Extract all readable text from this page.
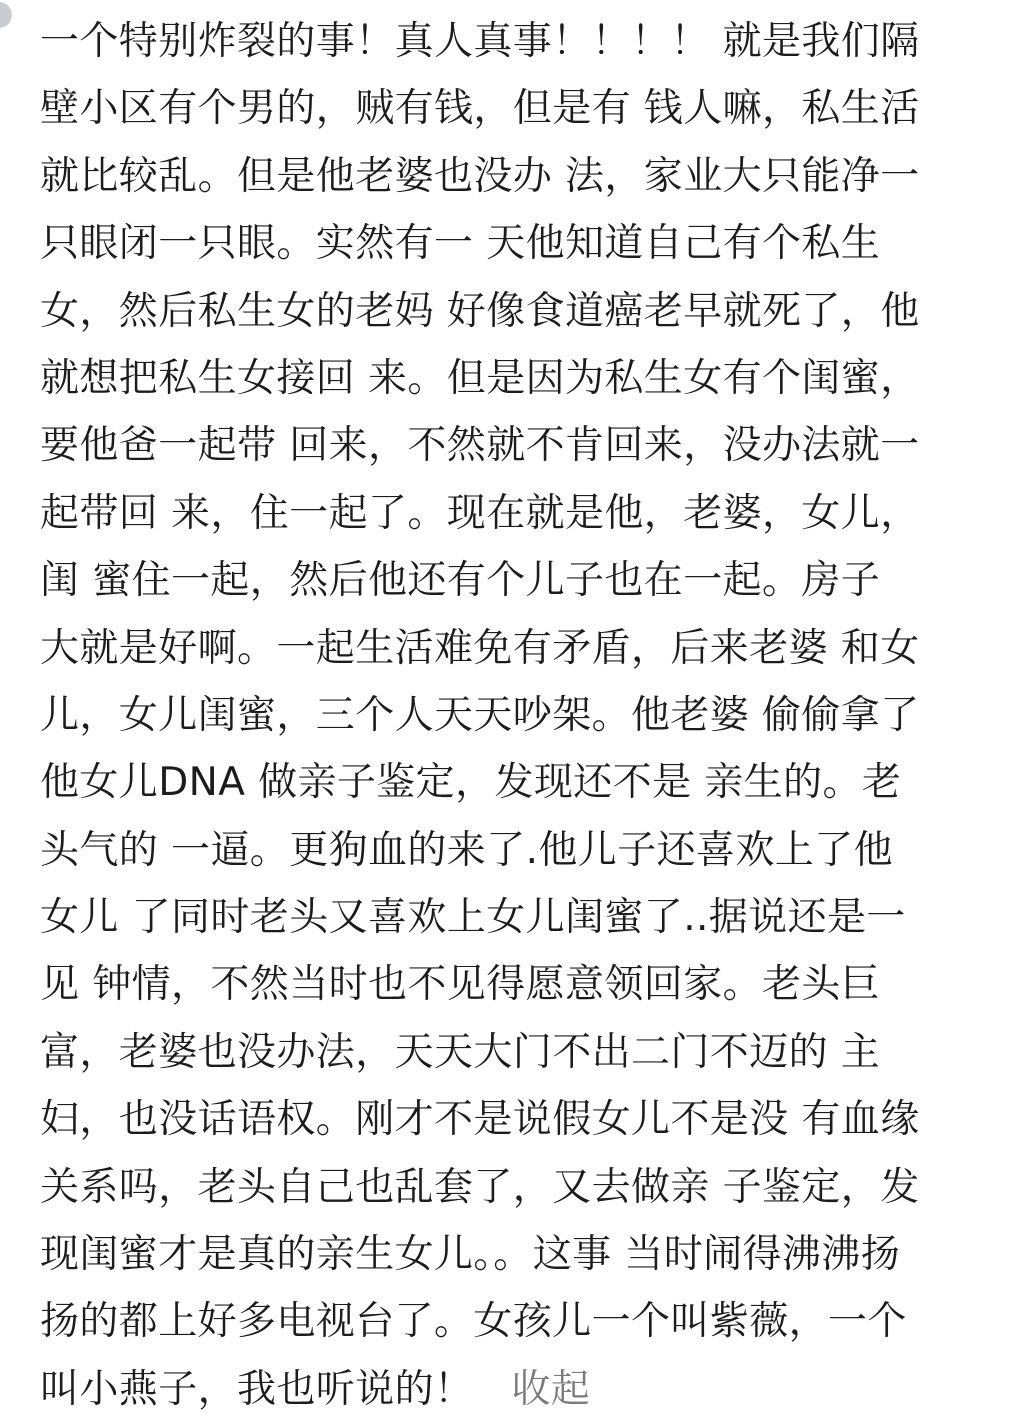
一个特别炸裂的事！真人真事！！！！ 就是我们隔
壁小区有个男的，贼有钱，但是有 钱人嘛，私生活
就比较乱。但是他老婆也没办 法，家业大只能净一
只眼闭一只眼。实然有一 天他知道自己有个私生
女，然后私生女的老妈 好像食道癌老早就死了，他
就想把私生女接回 来。但是因为私生女有个闺蜜，
要他爸一起带 回来，不然就不肯回来，没办法就一
起带回 来，住一起了。现在就是他，老婆，女儿，
闺 蜜住一起，然后他还有个儿子也在一起。房子
大就是好啊。一起生活难免有矛盾，后来老婆 和女
儿，女儿闺蜜，三个人天天吵架。他老婆 偷偷拿了
他女儿DNA 做亲子鉴定，发现还不是 亲生的。老
头气的 一逼。更狗血的来了.他儿子还喜欢上了他
女儿 了同时老头又喜欢上女儿闺蜜了..据说还是一
见 钟情，不然当时也不见得愿意领回家。老头巨
富，老婆也没办法，天天大门不出二门不迈的 主
妇，也没话语权。刚才不是说假女儿不是没 有血缘
关系吗，老头自己也乱套了，又去做亲 子鉴定，发
现闺蜜才是真的亲生女儿。。这事 当时闹得沸沸扬
扬的都上好多电视台了。女孩儿一个叫紫薇，一个
叫小燕子，我也听说的！ 收起
